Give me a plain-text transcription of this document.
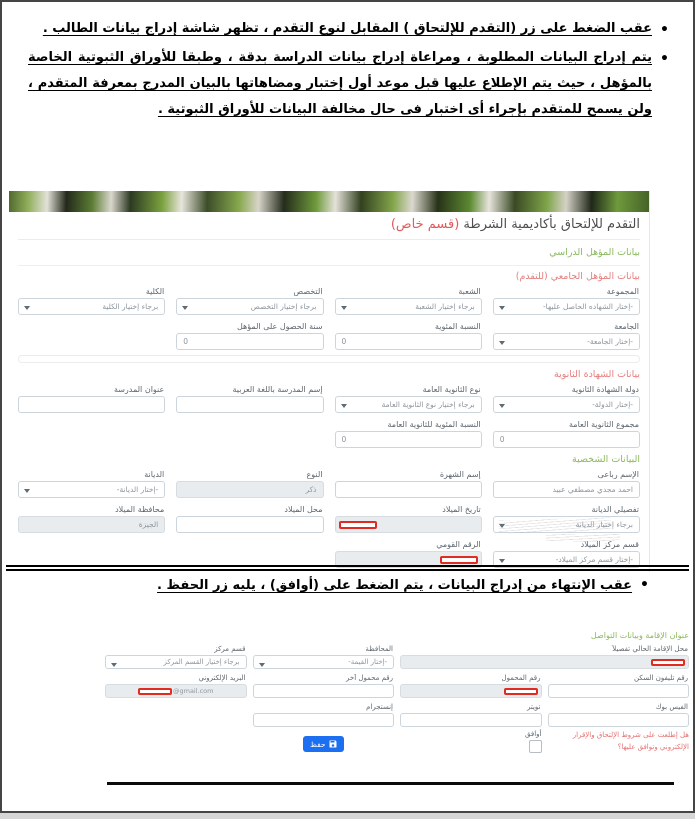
•
عقب الضغط على زر (التقدم للإلتحاق ) المقابل لنوع التقدم ، تظهر شاشة إدراج بيانات الطالب .
•
يتم إدراج البيانات المطلوبة ، ومراعاة إدراج بيانات الدراسة بدقة ، وطبقا للأوراق الثبوتية الخاصة بالمؤهل ، حيث يتم الإطلاع عليها قبل موعد أول إختبار ومضاهاتها بالبيان المدرج بمعرفة المتقدم ، ولن يسمح للمتقدم بإجراء أى اختبار فى حال مخالفة البيانات للأوراق الثبوتية .
التقدم للإلتحاق بأكاديمية الشرطة (قسم خاص)
بيانات المؤهل الدراسي
بيانات المؤهل الجامعي (للتقدم)
المجموعة
-إختار الشهاده الحاصل عليها-
الشعبة
برجاء إختيار الشعبة
التخصص
برجاء إختيار التخصص
الكلية
برجاء إختيار الكلية
الجامعة
-إختار الجامعة-
النسبة المئوية
0
سنة الحصول على المؤهل
0
بيانات الشهادة الثانوية
دولة الشهادة الثانوية
-إختار الدولة-
نوع الثانوية العامة
برجاء إختيار نوع الثانوية العامة
إسم المدرسة باللغة العربية
عنوان المدرسة
مجموع الثانوية العامة
0
النسبة المئوية للثانوية العامة
0
البيانات الشخصية
الإسم رباعى
احمد مجدي مصطفي عبيد
إسم الشهرة
النوع
ذكر
الديانة
-إختار الديانة-
تفصيلي الديانة
برجاء إختيار الديانة
تاريخ الميلاد
محل الميلاد
محافظة الميلاد
الجيزة
قسم مركز الميلاد
-إختار قسم مركز الميلاد-
الرقم القومي
•عقب الإنتهاء من إدراج البيانات ، يتم الضغط على (أوافق) ، يليه زر الحفظ .
عنوان الإقامة وبيانات التواصل
محل الإقامة الحالي تفصيلاً
المحافظة
-إختار القيمة-
قسم مركز
برجاء إختيار القسم المركز
رقم تليفون السكن
رقم المحمول
رقم محمول آخر
البريد الإلكتروني
@gmail.com
الفيس بوك
تويتر
إنستجرام
هل إطلعت على شروط الإلتحاق والإقرار الإلكتروني وتوافق عليها؟
أوافق
حفظ
